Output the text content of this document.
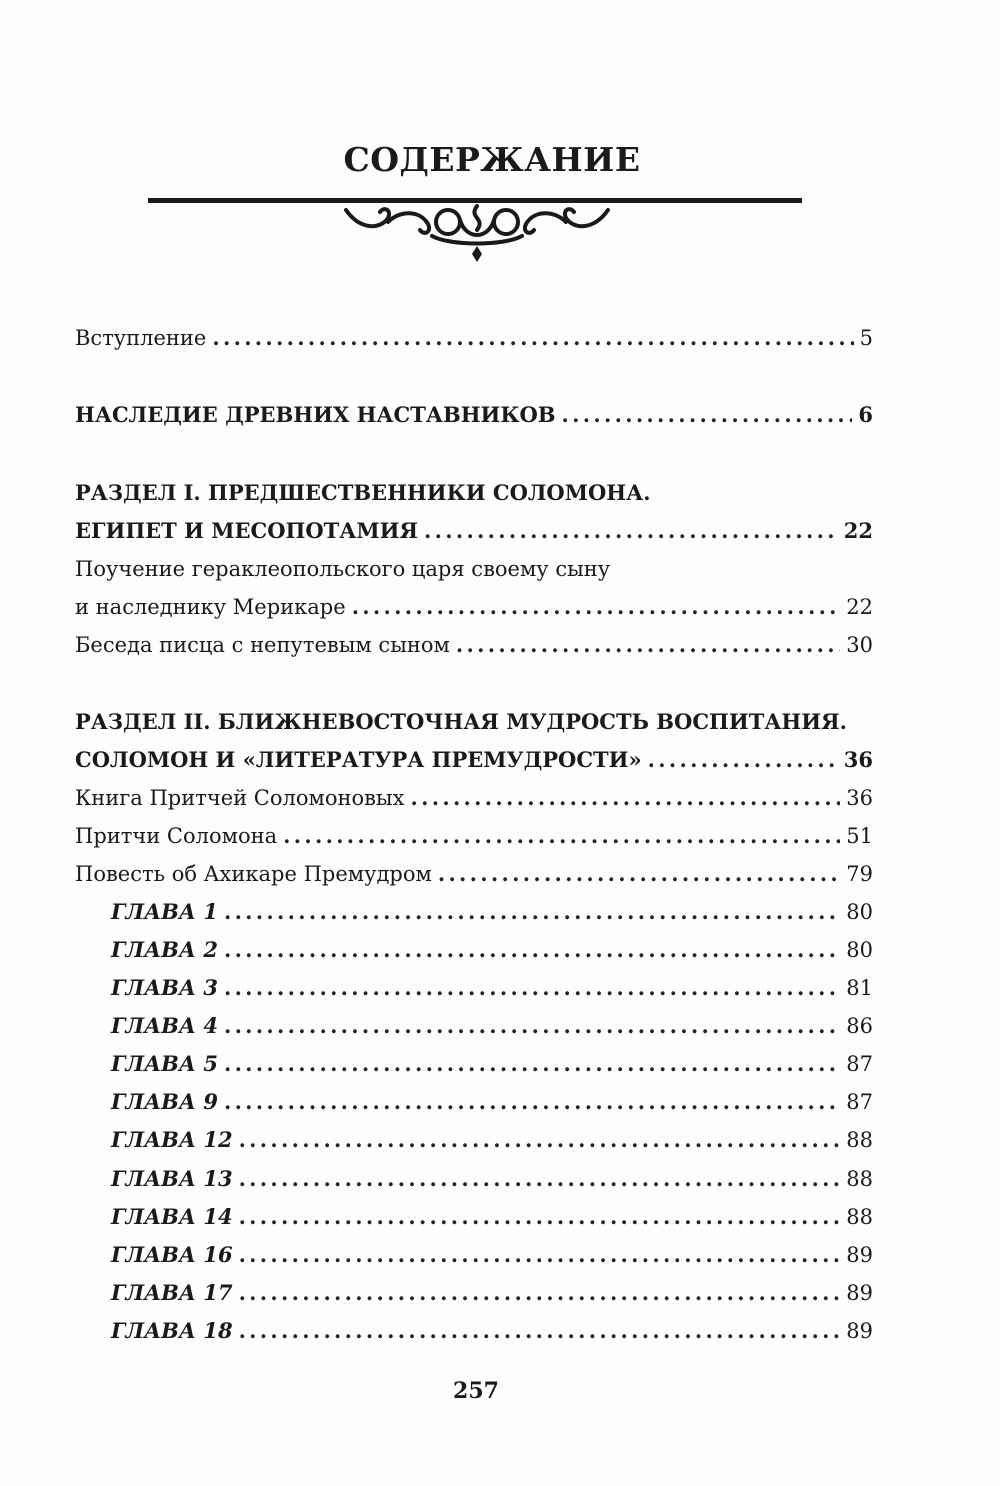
СОДЕРЖАНИЕ
Вступление .....	5
НАСЛЕДИЕ ДРЕВНИХ НАСТАВНИКОВ .....	6
РАЗДЕЛ I. ПРЕДШЕСТВЕННИКИ СОЛОМОНА.
ЕГИПЕТ И МЕСОПОТАМИЯ .....	22
Поучение гераклеопольского царя своему сыну
и наследнику Мерикаре .....	22
Беседа писца с непутевым сыном .....	30
РАЗДЕЛ II. БЛИЖНЕВОСТОЧНАЯ МУДРОСТЬ ВОСПИТАНИЯ.
СОЛОМОН И «ЛИТЕРАТУРА ПРЕМУДРОСТИ» .....	36
Книга Притчей Соломоновых .....	36
Притчи Соломона .....	51
Повесть об Ахикаре Премудром .....	79
ГЛАВА 1 .....	80
ГЛАВА 2 .....	80
ГЛАВА 3 .....	81
ГЛАВА 4 .....	86
ГЛАВА 5 .....	87
ГЛАВА 9 .....	87
ГЛАВА 12 .....	88
ГЛАВА 13 .....	88
ГЛАВА 14 .....	88
ГЛАВА 16 .....	89
ГЛАВА 17 .....	89
ГЛАВА 18 .....	89
257
